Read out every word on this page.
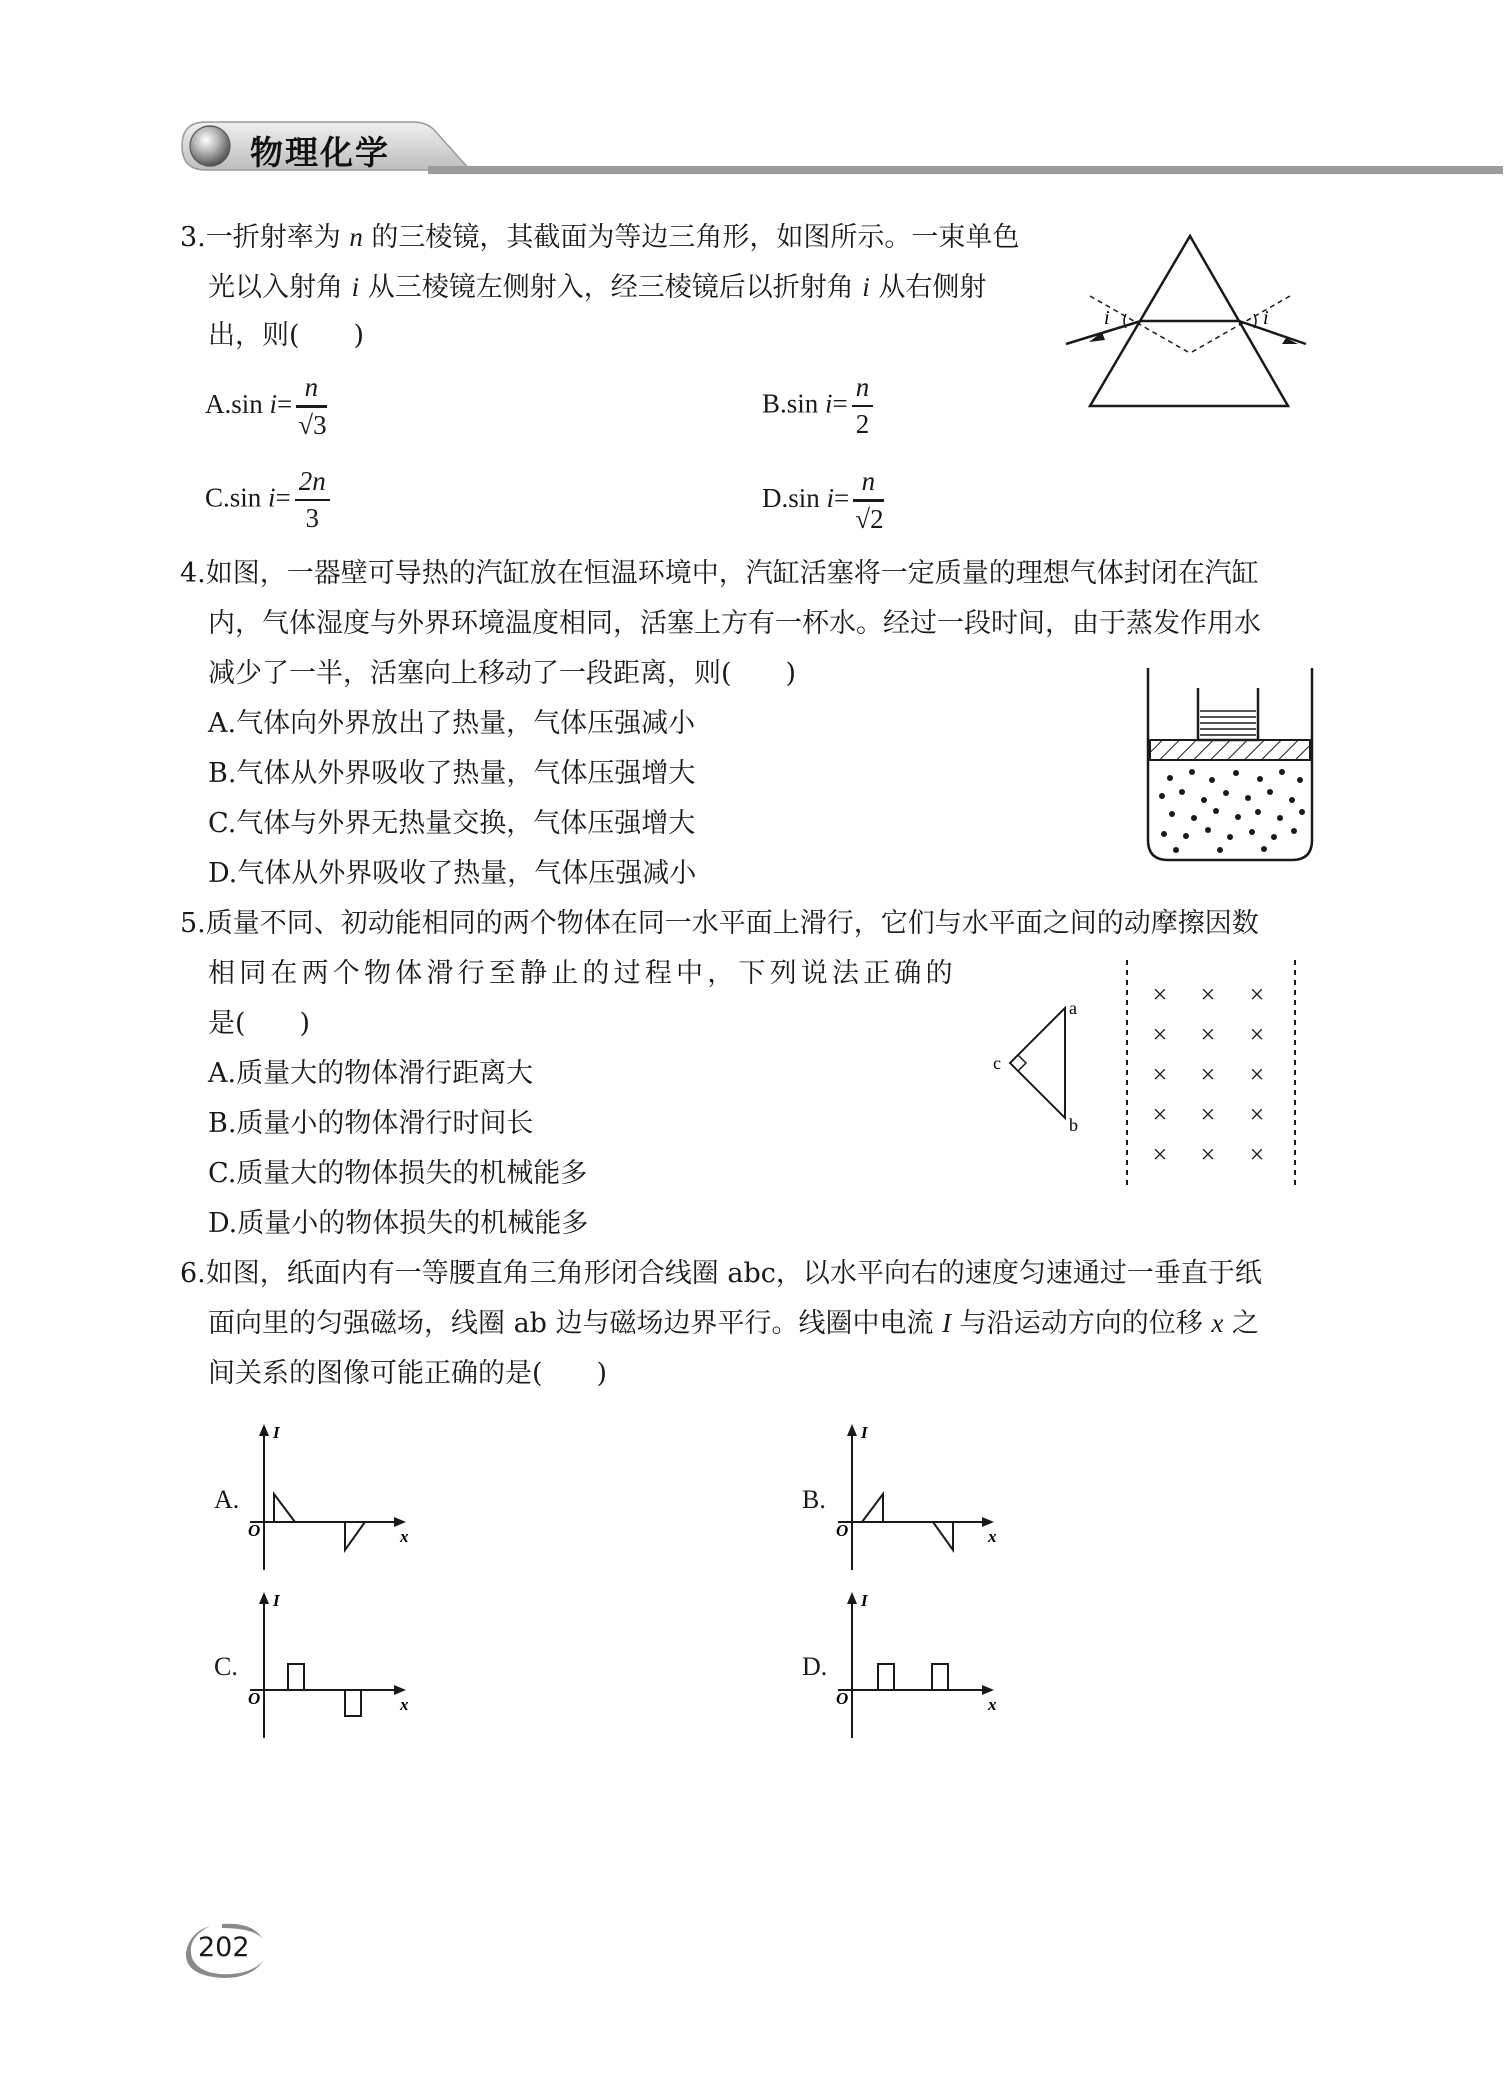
物理化学
3.一折射率为 n 的三棱镜，其截面为等边三角形，如图所示。一束单色
光以入射角 i 从三棱镜左侧射入，经三棱镜后以折射角 i 从右侧射
出，则(　　)
A.sin $i= \frac{n}{√3}$	B.sin $i= \frac{n}{2}$
C.sin $i= \frac{2n}{3}$	D.sin $i= \frac{n}{√2}$
i	i
4.如图，一器壁可导热的汽缸放在恒温环境中，汽缸活塞将一定质量的理想气体封闭在汽缸
内，气体湿度与外界环境温度相同，活塞上方有一杯水。经过一段时间，由于蒸发作用水
减少了一半，活塞向上移动了一段距离，则(　　)
A.气体向外界放出了热量，气体压强减小
B.气体从外界吸收了热量，气体压强增大
C.气体与外界无热量交换，气体压强增大
D.气体从外界吸收了热量，气体压强减小
5.质量不同、初动能相同的两个物体在同一水平面上滑行，它们与水平面之间的动摩擦因数
相同在两个物体滑行至静止的过程中，下列说法正确的
是(　　)
A.质量大的物体滑行距离大
B.质量小的物体滑行时间长
C.质量大的物体损失的机械能多
D.质量小的物体损失的机械能多
a
b
c
× × ×
× × ×
× × ×
× × ×
× × ×
6.如图，纸面内有一等腰直角三角形闭合线圈 abc，以水平向右的速度匀速通过一垂直于纸
面向里的匀强磁场，线圈 ab 边与磁场边界平行。线圈中电流 I 与沿运动方向的位移 x 之
间关系的图像可能正确的是(　　)
A.
I
x
O
B.
I
x
O
C.
I
x
O
D.
I
x
O
202
